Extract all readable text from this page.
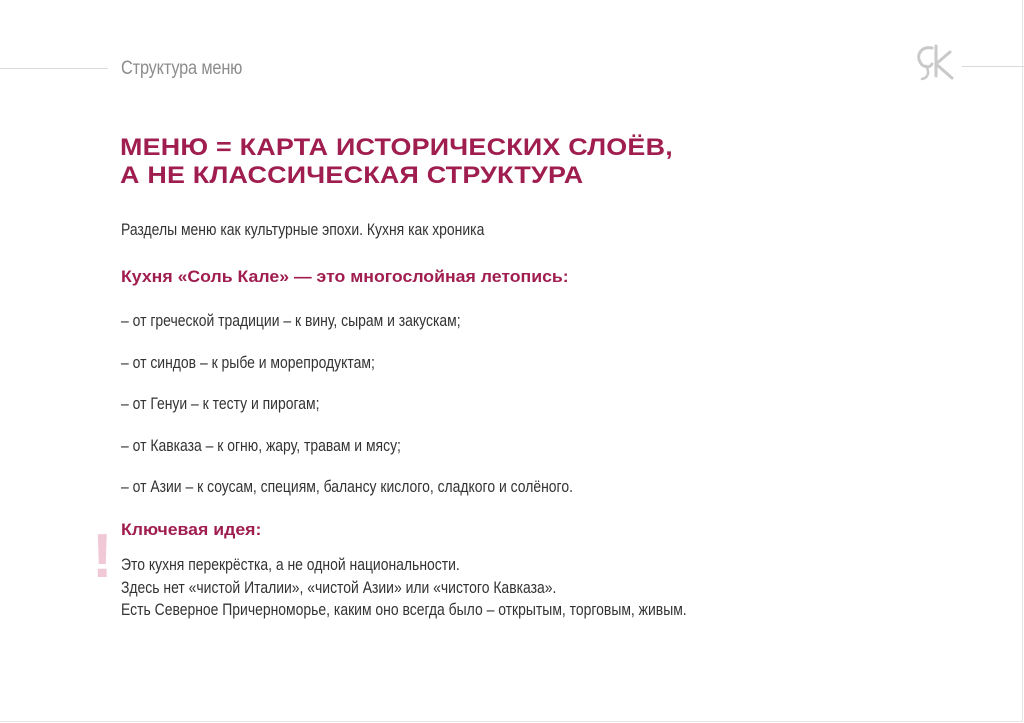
Структура меню
МЕНЮ = КАРТА ИСТОРИЧЕСКИХ СЛОЁВ,
А НЕ КЛАССИЧЕСКАЯ СТРУКТУРА
Разделы меню как культурные эпохи. Кухня как хроника
Кухня «Соль Кале» — это многослойная летопись:
– от греческой традиции – к вину, сырам и закускам;
– от синдов – к рыбе и морепродуктам;
– от Генуи – к тесту и пирогам;
– от Кавказа – к огню, жару, травам и мясу;
– от Азии – к соусам, специям, балансу кислого, сладкого и солёного.
! Ключевая идея:
Это кухня перекрёстка, а не одной национальности.
Здесь нет «чистой Италии», «чистой Азии» или «чистого Кавказа».
Есть Северное Причерноморье, каким оно всегда было – открытым, торговым, живым.
